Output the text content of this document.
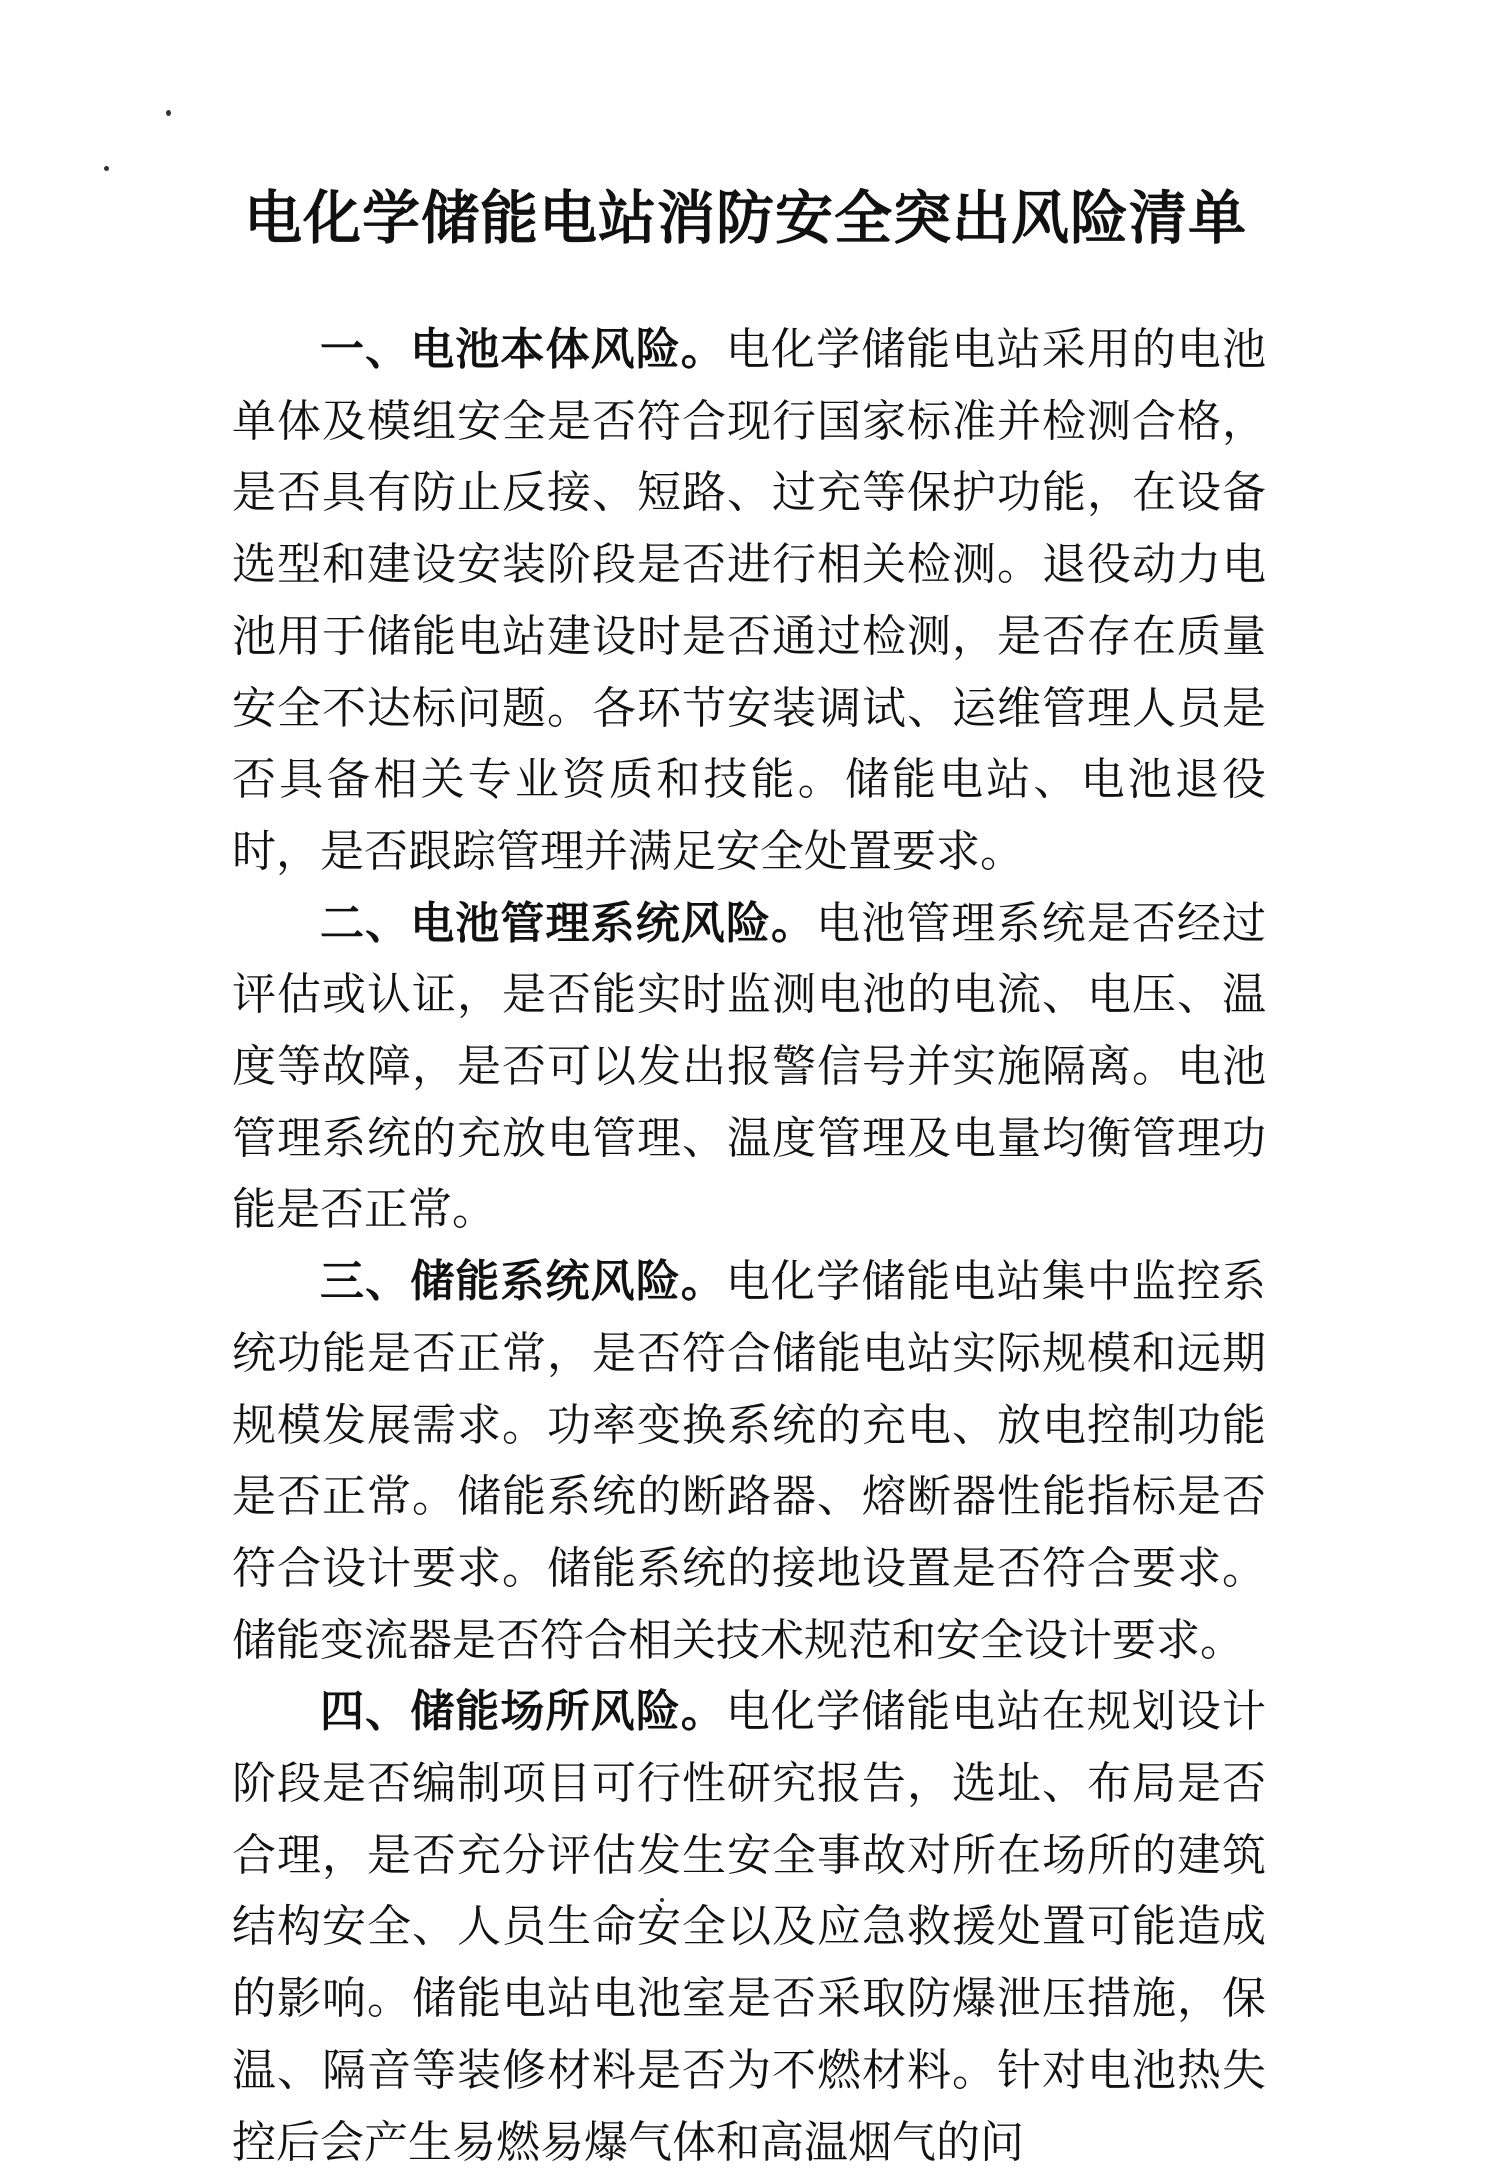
电化学储能电站消防安全突出风险清单

一、电池本体风险。电化学储能电站采用的电池单体及模组安全是否符合现行国家标准并检测合格，是否具有防止反接、短路、过充等保护功能，在设备选型和建设安装阶段是否进行相关检测。退役动力电池用于储能电站建设时是否通过检测，是否存在质量安全不达标问题。各环节安装调试、运维管理人员是否具备相关专业资质和技能。储能电站、电池退役时，是否跟踪管理并满足安全处置要求。

二、电池管理系统风险。电池管理系统是否经过评估或认证，是否能实时监测电池的电流、电压、温度等故障，是否可以发出报警信号并实施隔离。电池管理系统的充放电管理、温度管理及电量均衡管理功能是否正常。

三、储能系统风险。电化学储能电站集中监控系统功能是否正常，是否符合储能电站实际规模和远期规模发展需求。功率变换系统的充电、放电控制功能是否正常。储能系统的断路器、熔断器性能指标是否符合设计要求。储能系统的接地设置是否符合要求。储能变流器是否符合相关技术规范和安全设计要求。

四、储能场所风险。电化学储能电站在规划设计阶段是否编制项目可行性研究报告，选址、布局是否合理，是否充分评估发生安全事故对所在场所的建筑结构安全、人员生命安全以及应急救援处置可能造成的影响。储能电站电池室是否采取防爆泄压措施，保温、隔音等装修材料是否为不燃材料。针对电池热失控后会产生易燃易爆气体和高温烟气的问
